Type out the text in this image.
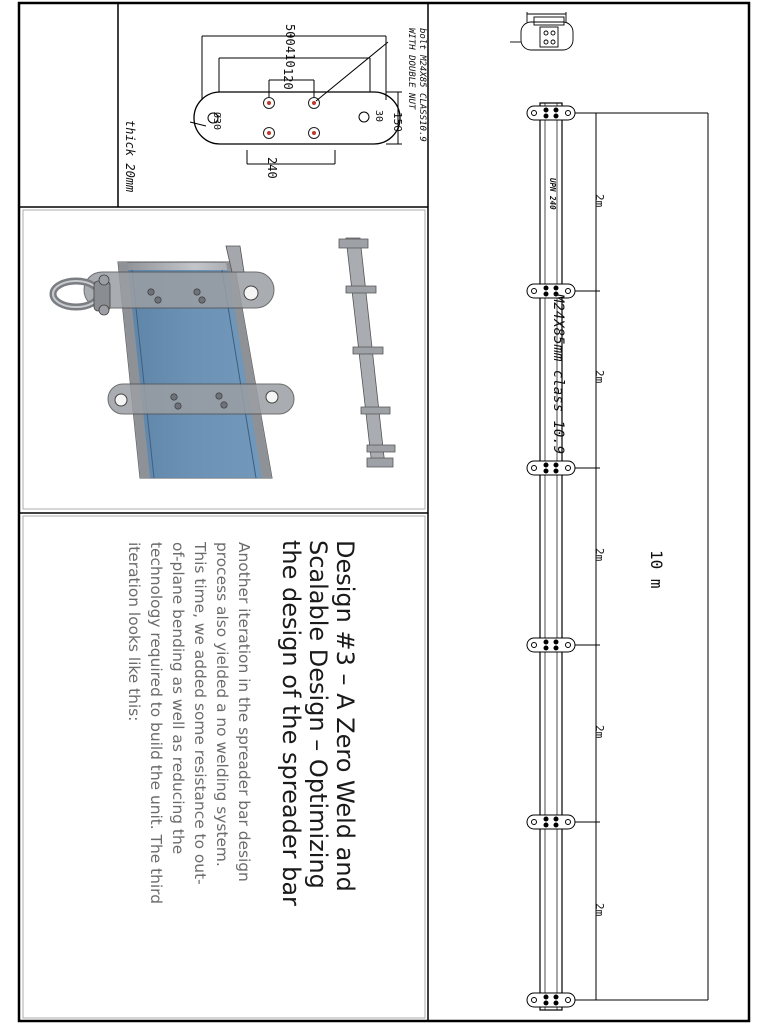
500
410
120
240
150
30
Ø30	bolt M24X85 CLASS10.9
WITH DOUBLE NUT
thick 20mm
UPN 240
M24X85mm class 10.9
2m
2m
2m
2m
2m
10 m
Design #3 – A Zero Weld and
Scalable Design – Optimizing
the design of the spreader bar
Another iteration in the spreader bar design
process also yielded a no welding system.
This time, we added some resistance to out-
of-plane bending as well as reducing the
technology required to build the unit. The third
iteration looks like this:
